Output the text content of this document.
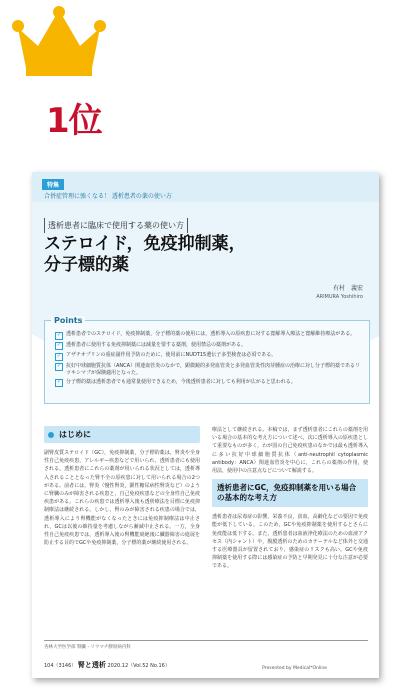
1位
特集
合併症管理に強くなる！ 透析患者の薬の使い方
透析患者に臨床で使用する薬の使い方
ステロイド，免疫抑制薬，
分子標的薬
有村　義宏
ARIMURA Yoshihiro
Points
✓ 透析患者でのステロイド，免疫抑制薬，分子標的薬の使用には，透析導入の原疾患に対する寛解導入療法と寛解維持療法がある。
✓ 透析患者に使用する免疫抑制薬には減量を要する薬剤，使用禁忌の薬剤がある。
✓ アザチオプリンの重症副作用予防のために，使用前にNUDT15遺伝子多型検査は必須である。
✓ 抗好中球細胞質抗体（ANCA）関連血管炎のなかで，顕微鏡的多発血管炎と多発血管炎性肉芽腫症の治療に対し分子標的薬であるリツキシマブが保険適用となった。
✓ 分子標的薬は透析患者でも通常量使用できるため，今後透析患者に対しても利用が広がると思われる。
はじめに
副腎皮質ステロイド（GC），免疫抑制薬，分子標的薬は，腎炎や全身性自己免疫疾患，アレルギー疾患などで用いられ，透析患者にも使用される。透析患者にこれらの薬剤が用いられる状況としては，透析導入されることとなった腎不全の原疾患に対して用いられる場合の2つがある。前者には，腎炎（慢性腎炎，顕性糖尿病性腎炎など）のように腎臓のみが障害される疾患と，自己免疫疾患などの全身性自己免疫疾患がある。これらの疾患では透析導入後も透析療法を目標に免疫抑制療法は継続される。しかし，腎のみが障害される疾患の場合では，透析導入により腎機能がなくなったときには免疫抑制療法は中止され，GCは以後の維持量を考慮しながら漸減中止される。一方，全身性自己免疫疾患では，透析導入後の腎機能廃絶後に臓器障害の進展を防止する目的でGCや免疫抑制薬，分子標的薬が継続使用される。
療法として継続される。本稿では，まず透析患者にこれらの薬剤を用いる場合の基本的な考え方について述べ，次に透析導入の原疾患として重要なものが多く，わが国の自己免疫疾患のなかでは最も透析導入に多い抗好中球細胞質抗体（anti-neutrophil cytoplasmic antibody：ANCA）関連血管炎を中心に，これらの薬剤の作用，使用法，使用中の注意点などについて解説する。
透析患者にGC，免疫抑制薬を用いる場合の基本的な考え方
透析患者は尿毒症の影響，栄養不良，貧血，高齢化などの要因で免疫能が低下している。このため，GCや免疫抑制薬を使用するとさらに免疫能は低下する。また，透析患者は血液浄化療法のための血液アクセス（内シャント）や，腹膜透析のためのカテーテルなど体外と交通する医療器具が留置されており，感染症のリスクも高い。GCや免疫抑制薬を使用する際には感染症の予防と早期発見に十分な注意が必要である。
杏林大学医学部 腎臓・リウマチ膠原病内科
104（3146） 腎と透析 2020.12（Vol.52 No.16）	Presented by Medical*Online
